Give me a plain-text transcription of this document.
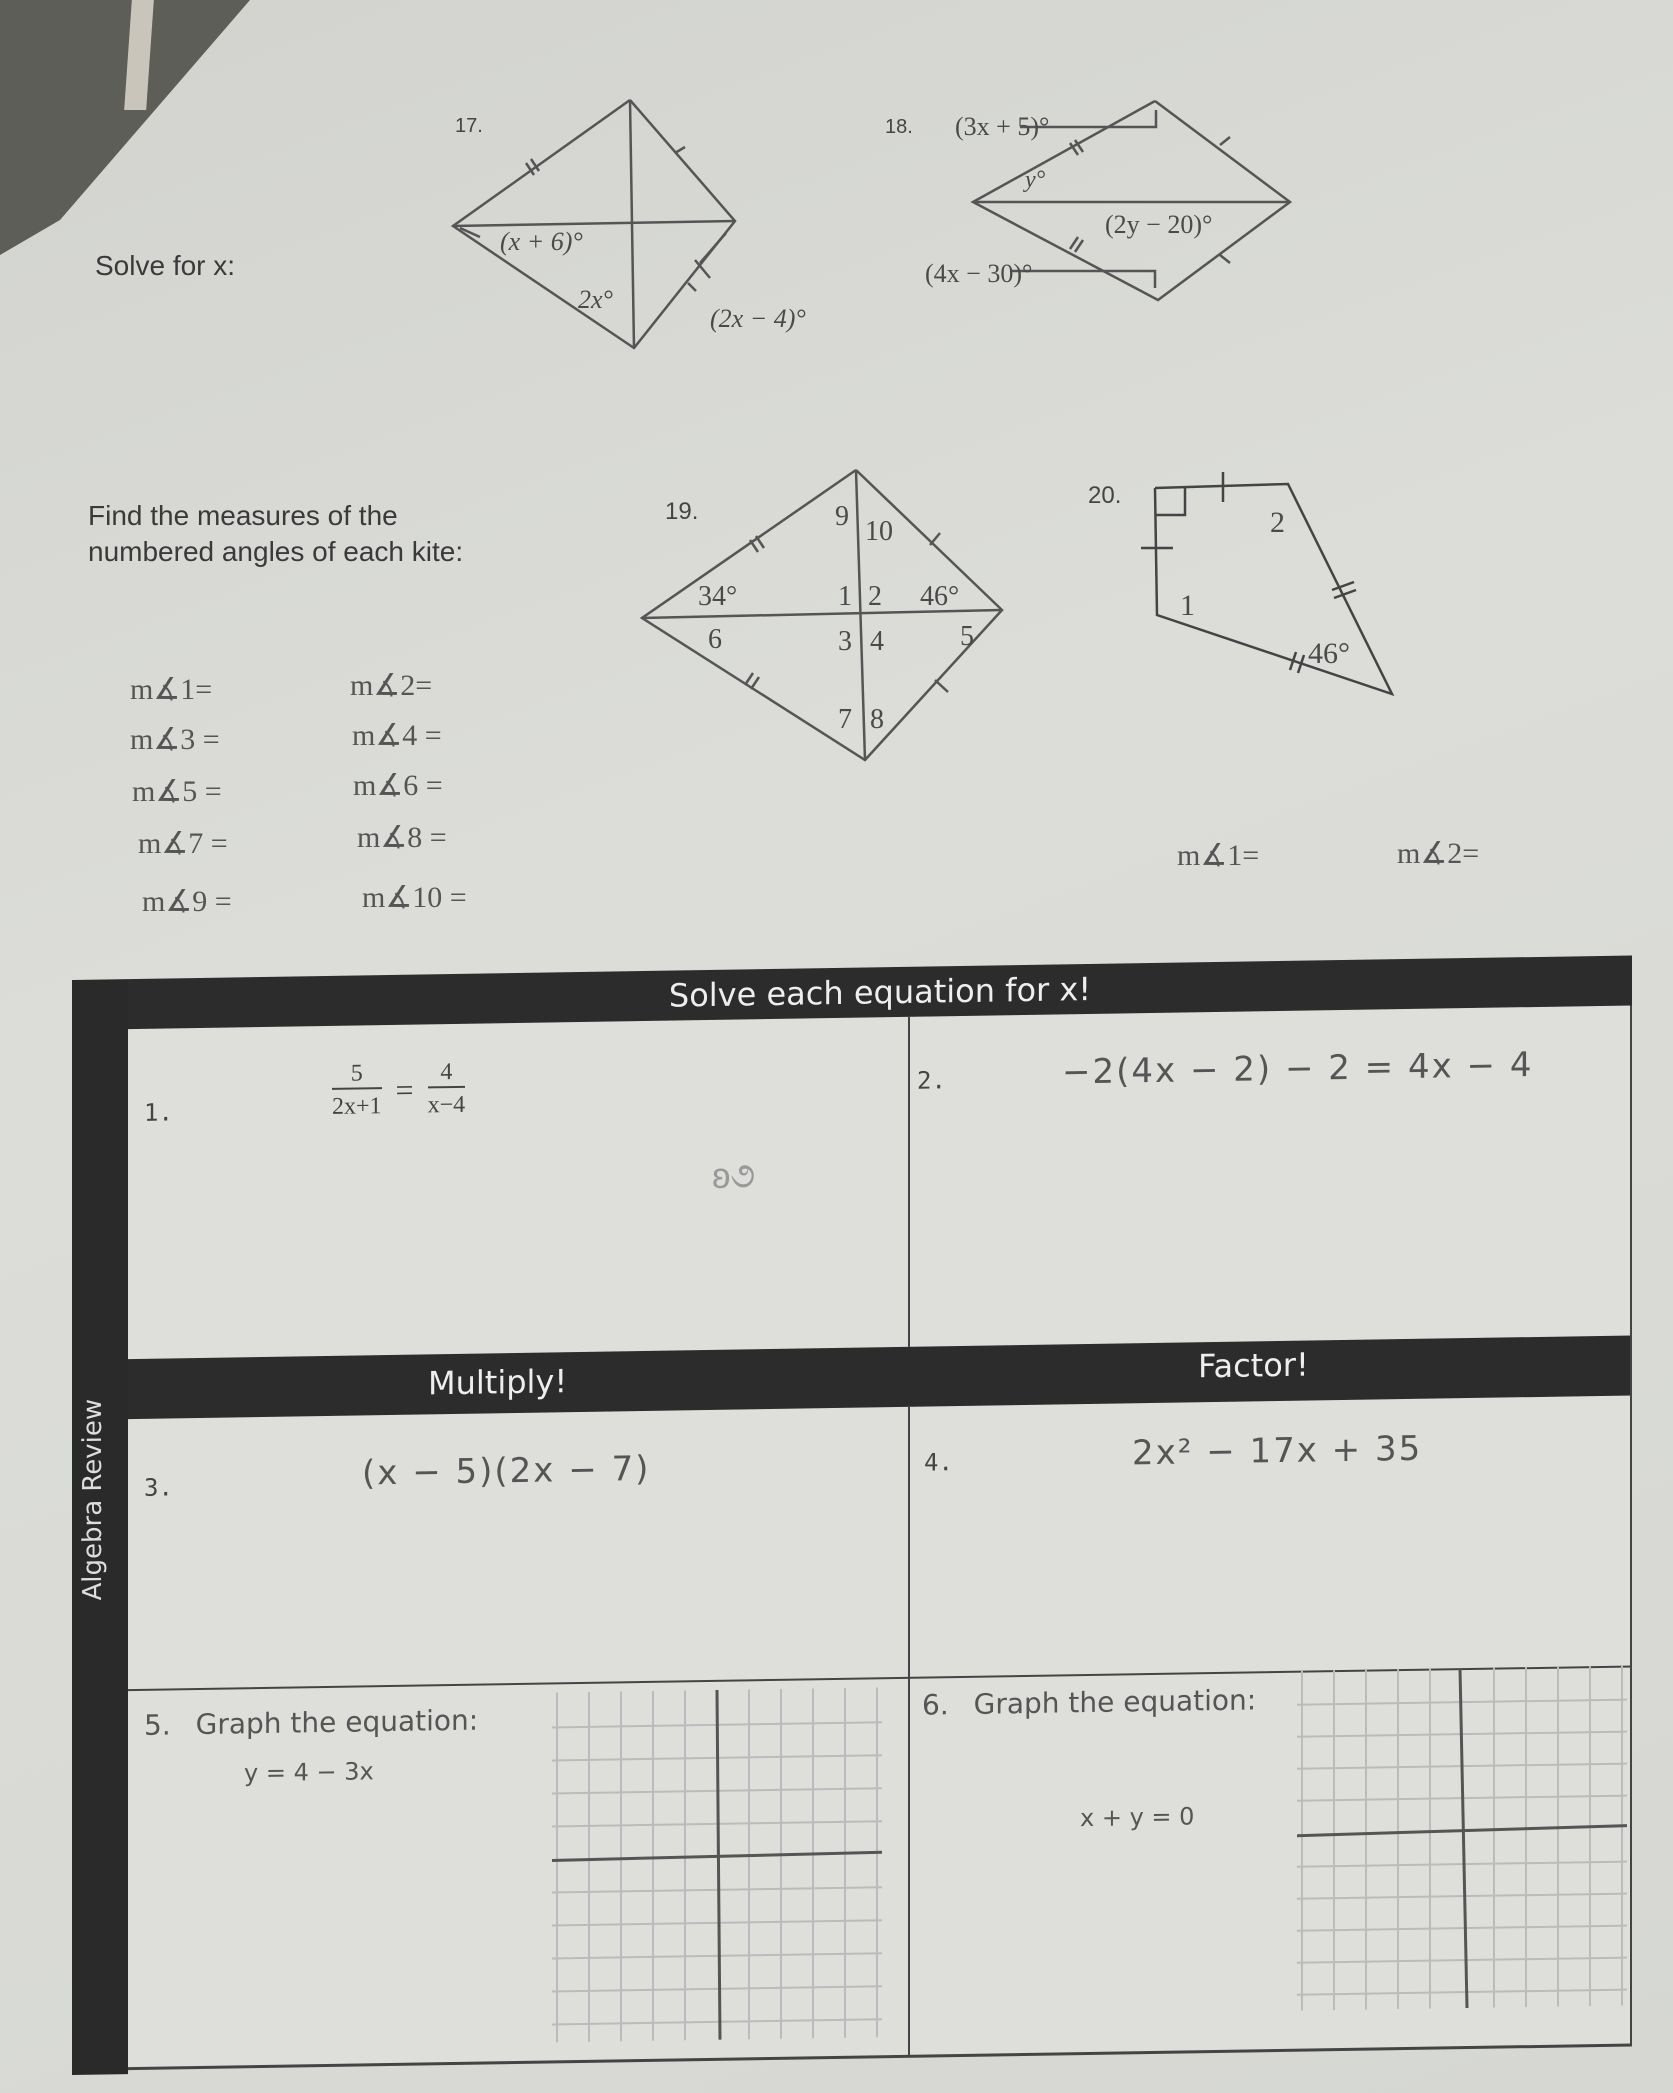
Solve for x:
17.
(x + 6)°
2x°
(2x − 4)°
18. (3x + 5)°
y°
(2y − 20)°
(4x − 30)°
Find the measures of the
numbered angles of each kite:
19.	9 10
34°	1 2 46°
6	3 4	5
7 8
m∡1=	m∡2=
m∡3 =	m∡4 =
m∡5 =	m∡6 =
m∡7 =	m∡8 =
m∡9 =	m∡10 =
20.
2
1
46°
m∡1=	m∡2=
Algebra Review
Solve each equation for x!
1.	$\frac{5}{2x+1} = \frac{4}{x-4}$
ʚ૭
2.	−2(4x − 2) − 2 = 4x − 4
Multiply!	Factor!
3.	(x − 5)(2x − 7)	4.	2x² − 17x + 35
5. Graph the equation:
y = 4 − 3x
6. Graph the equation:
x + y = 0
